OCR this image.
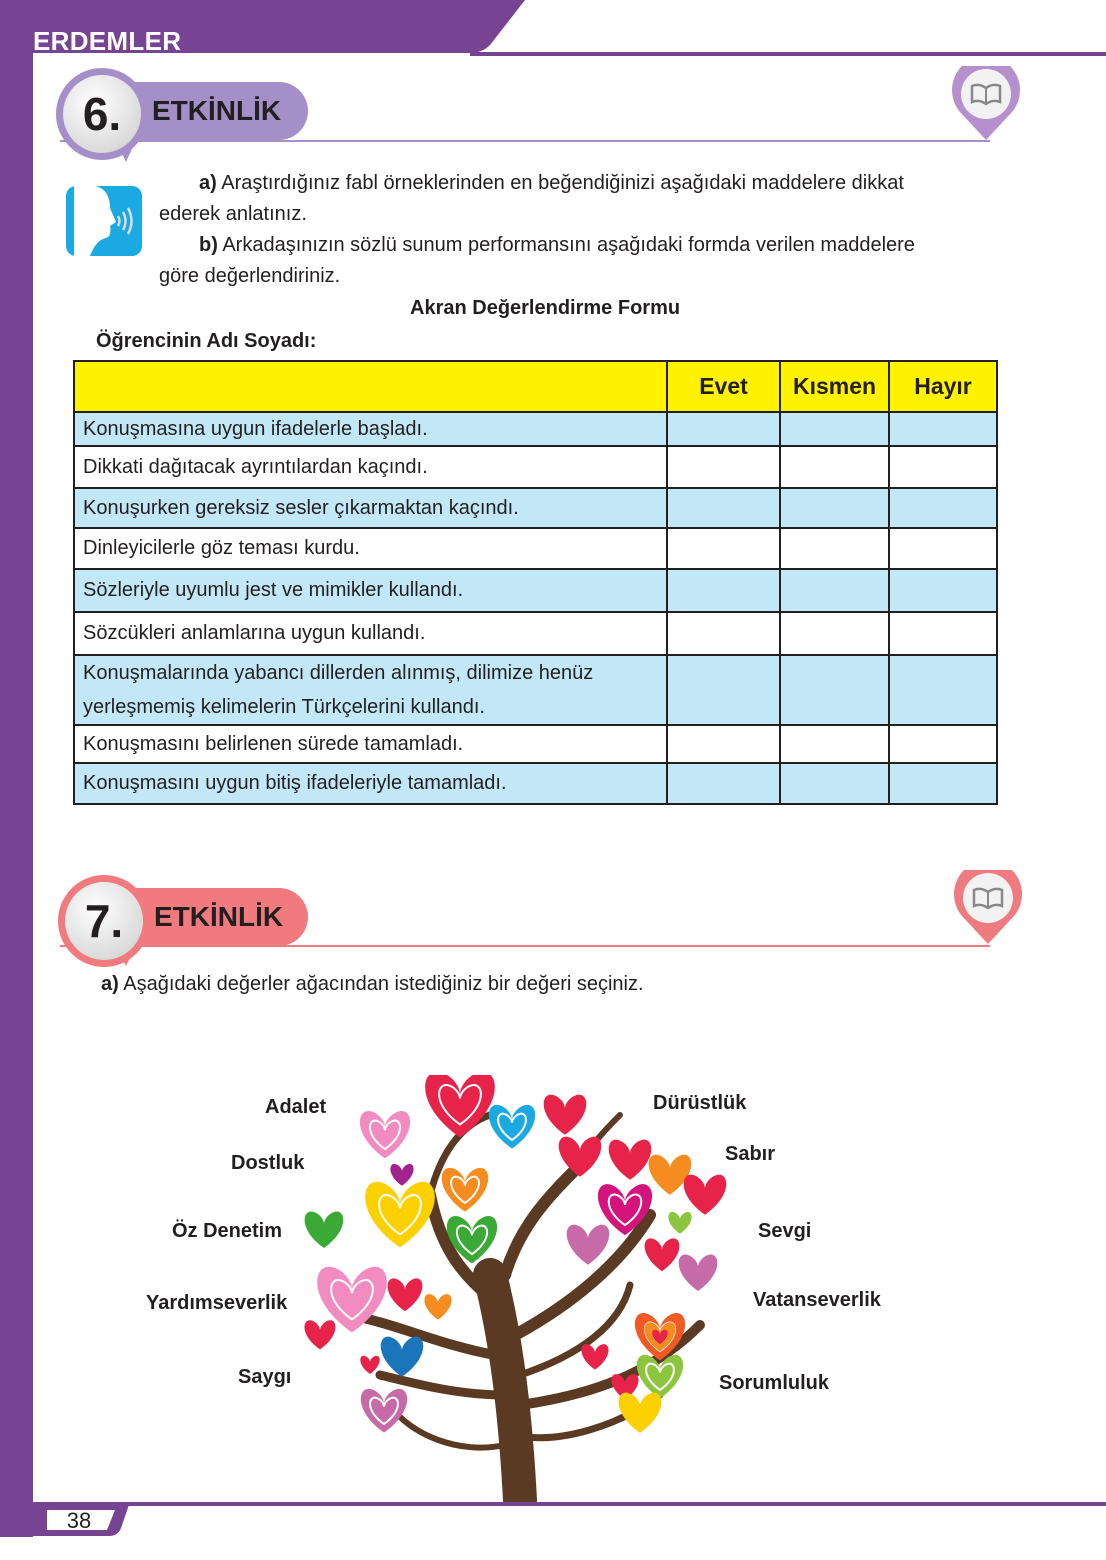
ERDEMLER
ETKİNLİK
6.
a) Araştırdığınız fabl örneklerinden en beğendiğinizi aşağıdaki maddelere dikkat
ederek anlatınız.
b) Arkadaşınızın sözlü sunum performansını aşağıdaki formda verilen maddelere
göre değerlendiriniz.
Akran Değerlendirme Formu
Öğrencinin Adı Soyadı:
	Evet	Kısmen	Hayır
Konuşmasına uygun ifadelerle başladı.			
Dikkati dağıtacak ayrıntılardan kaçındı.			
Konuşurken gereksiz sesler çıkarmaktan kaçındı.			
Dinleyicilerle göz teması kurdu.			
Sözleriyle uyumlu jest ve mimikler kullandı.			
Sözcükleri anlamlarına uygun kullandı.			
Konuşmalarında yabancı dillerden alınmış, dilimize henüz yerleşmemiş kelimelerin Türkçelerini kullandı.			
Konuşmasını belirlenen sürede tamamladı.			
Konuşmasını uygun bitiş ifadeleriyle tamamladı.			
ETKİNLİK
7.
a) Aşağıdaki değerler ağacından istediğiniz bir değeri seçiniz.
Adalet
Dostluk
Öz Denetim
Yardımseverlik
Saygı
Dürüstlük
Sabır
Sevgi
Vatanseverlik
Sorumluluk
38
